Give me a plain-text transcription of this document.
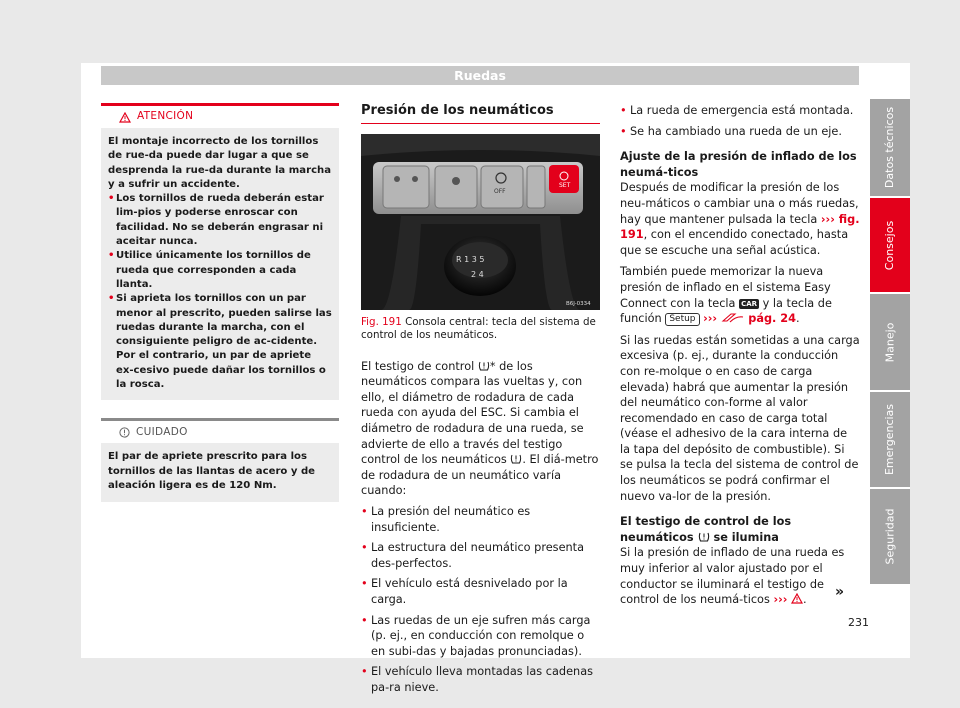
Ruedas
ATENCIÓN
El montaje incorrecto de los tornillos de rue-da puede dar lugar a que se desprenda la rue-da durante la marcha y a sufrir un accidente.
• Los tornillos de rueda deberán estar lim-pios y poderse enroscar con facilidad. No se deberán engrasar ni aceitar nunca.
• Utilice únicamente los tornillos de rueda que corresponden a cada llanta.
• Si aprieta los tornillos con un par menor al prescrito, pueden salirse las ruedas durante la marcha, con el consiguiente peligro de ac-cidente. Por el contrario, un par de apriete ex-cesivo puede dañar los tornillos o la rosca.
CUIDADO
El par de apriete prescrito para los tornillos de las llantas de acero y de aleación ligera es de 120 Nm.
Presión de los neumáticos
SET
OFF
R 1 3 5
2 4
B6J-0334
Fig. 191 Consola central: tecla del sistema de control de los neumáticos.
El testigo de control * de los neumáticos compara las vueltas y, con ello, el diámetro de rodadura de cada rueda con ayuda del ESC. Si cambia el diámetro de rodadura de una rueda, se advierte de ello a través del testigo control de los neumáticos . El diá-metro de rodadura de un neumático varía cuando:
• La presión del neumático es insuficiente.
• La estructura del neumático presenta des-perfectos.
• El vehículo está desnivelado por la carga.
• Las ruedas de un eje sufren más carga (p. ej., en conducción con remolque o en subi-das y bajadas pronunciadas).
• El vehículo lleva montadas las cadenas pa-ra nieve.
• La rueda de emergencia está montada.
• Se ha cambiado una rueda de un eje.
Ajuste de la presión de inflado de los neumá-ticos
Después de modificar la presión de los neu-máticos o cambiar una o más ruedas, hay que mantener pulsada la tecla ››› fig. 191, con el encendido conectado, hasta que se escuche una señal acústica.
También puede memorizar la nueva presión de inflado en el sistema Easy Connect con la tecla CAR y la tecla de función Setup ›››	pág. 24.
Si las ruedas están sometidas a una carga excesiva (p. ej., durante la conducción con re-molque o en caso de carga elevada) habrá que aumentar la presión del neumático con-forme al valor recomendado en caso de carga total (véase el adhesivo de la cara interna de la tapa del depósito de combustible). Si se pulsa la tecla del sistema de control de los neumáticos se podrá confirmar el nuevo va-lor de la presión.
El testigo de control de los neumáticos se ilumina
Si la presión de inflado de una rueda es muy inferior al valor ajustado por el conductor se iluminará el testigo de control de los neumá-ticos ››› .	»
231
Datos técnicos
Consejos
Manejo
Emergencias
Seguridad
